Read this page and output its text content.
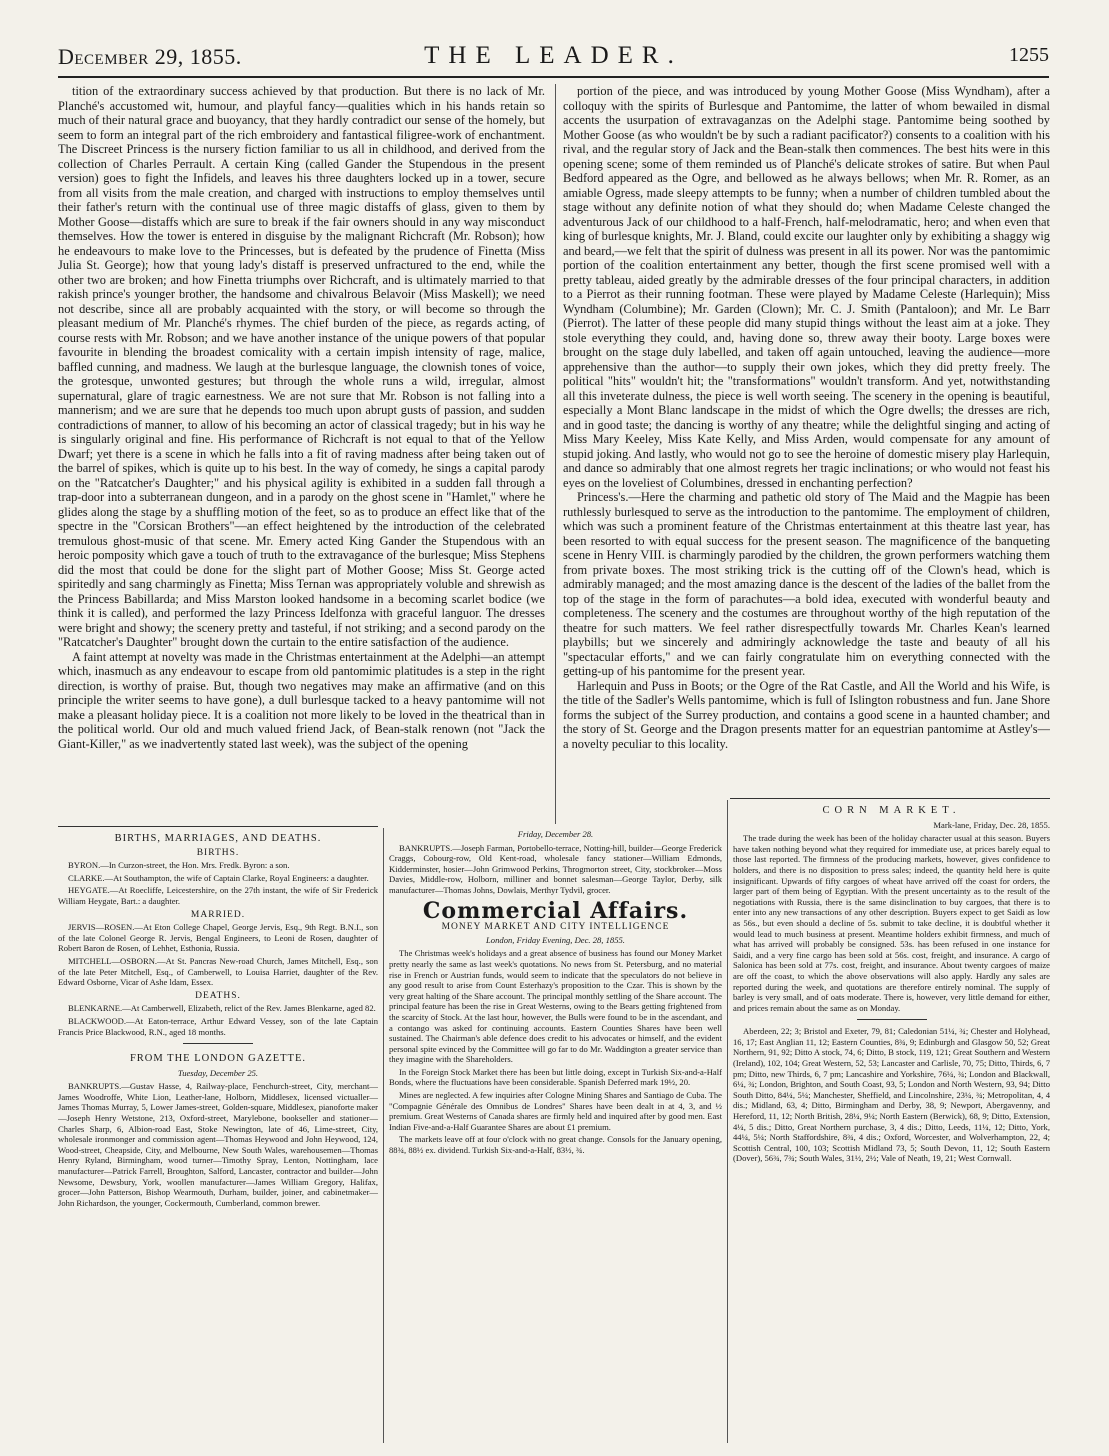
December 29, 1855.	THE LEADER.	1255

tition of the extraordinary success achieved by that production. But there is no lack of Mr. Planché's accustomed wit, humour, and playful fancy—qualities which in his hands retain so much of their natural grace and buoyancy, that they hardly contradict our sense of the homely, but seem to form an integral part of the rich embroidery and fantastical filigree-work of enchantment. The Discreet Princess is the nursery fiction familiar to us all in childhood, and derived from the collection of Charles Perrault. A certain King (called Gander the Stupendous in the present version) goes to fight the Infidels, and leaves his three daughters locked up in a tower, secure from all visits from the male creation, and charged with instructions to employ themselves until their father's return with the continual use of three magic distaffs of glass, given to them by Mother Goose—distaffs which are sure to break if the fair owners should in any way misconduct themselves. How the tower is entered in disguise by the malignant Richcraft (Mr. Robson); how he endeavours to make love to the Princesses, but is defeated by the prudence of Finetta (Miss Julia St. George); how that young lady's distaff is preserved unfractured to the end, while the other two are broken; and how Finetta triumphs over Richcraft, and is ultimately married to that rakish prince's younger brother, the handsome and chivalrous Belavoir (Miss Maskell); we need not describe, since all are probably acquainted with the story, or will become so through the pleasant medium of Mr. Planché's rhymes. The chief burden of the piece, as regards acting, of course rests with Mr. Robson; and we have another instance of the unique powers of that popular favourite in blending the broadest comicality with a certain impish intensity of rage, malice, baffled cunning, and madness. We laugh at the burlesque language, the clownish tones of voice, the grotesque, unwonted gestures; but through the whole runs a wild, irregular, almost supernatural, glare of tragic earnestness. We are not sure that Mr. Robson is not falling into a mannerism; and we are sure that he depends too much upon abrupt gusts of passion, and sudden contradictions of manner, to allow of his becoming an actor of classical tragedy; but in his way he is singularly original and fine. His performance of Richcraft is not equal to that of the Yellow Dwarf; yet there is a scene in which he falls into a fit of raving madness after being taken out of the barrel of spikes, which is quite up to his best. In the way of comedy, he sings a capital parody on the "Ratcatcher's Daughter;" and his physical agility is exhibited in a sudden fall through a trap-door into a subterranean dungeon, and in a parody on the ghost scene in "Hamlet," where he glides along the stage by a shuffling motion of the feet, so as to produce an effect like that of the spectre in the "Corsican Brothers"—an effect heightened by the introduction of the celebrated tremulous ghost-music of that scene. Mr. Emery acted King Gander the Stupendous with an heroic pomposity which gave a touch of truth to the extravagance of the burlesque; Miss Stephens did the most that could be done for the slight part of Mother Goose; Miss St. George acted spiritedly and sang charmingly as Finetta; Miss Ternan was appropriately voluble and shrewish as the Princess Babillarda; and Miss Marston looked handsome in a becoming scarlet bodice (we think it is called), and performed the lazy Princess Idelfonza with graceful languor. The dresses were bright and showy; the scenery pretty and tasteful, if not striking; and a second parody on the "Ratcatcher's Daughter" brought down the curtain to the entire satisfaction of the audience.

A faint attempt at novelty was made in the Christmas entertainment at the Adelphi—an attempt which, inasmuch as any endeavour to escape from old pantomimic platitudes is a step in the right direction, is worthy of praise. But, though two negatives may make an affirmative (and on this principle the writer seems to have gone), a dull burlesque tacked to a heavy pantomime will not make a pleasant holiday piece. It is a coalition not more likely to be loved in the theatrical than in the political world. Our old and much valued friend Jack, of Bean-stalk renown (not "Jack the Giant-Killer," as we inadvertently stated last week), was the subject of the opening

portion of the piece, and was introduced by young Mother Goose (Miss Wyndham), after a colloquy with the spirits of Burlesque and Pantomime, the latter of whom bewailed in dismal accents the usurpation of extravaganzas on the Adelphi stage. Pantomime being soothed by Mother Goose (as who wouldn't be by such a radiant pacificator?) consents to a coalition with his rival, and the regular story of Jack and the Bean-stalk then commences. The best hits were in this opening scene; some of them reminded us of Planché's delicate strokes of satire. But when Paul Bedford appeared as the Ogre, and bellowed as he always bellows; when Mr. R. Romer, as an amiable Ogress, made sleepy attempts to be funny; when a number of children tumbled about the stage without any definite notion of what they should do; when Madame Celeste changed the adventurous Jack of our childhood to a half-French, half-melodramatic, hero; and when even that king of burlesque knights, Mr. J. Bland, could excite our laughter only by exhibiting a shaggy wig and beard,—we felt that the spirit of dulness was present in all its power. Nor was the pantomimic portion of the coalition entertainment any better, though the first scene promised well with a pretty tableau, aided greatly by the admirable dresses of the four principal characters, in addition to a Pierrot as their running footman. These were played by Madame Celeste (Harlequin); Miss Wyndham (Columbine); Mr. Garden (Clown); Mr. C. J. Smith (Pantaloon); and Mr. Le Barr (Pierrot). The latter of these people did many stupid things without the least aim at a joke. They stole everything they could, and, having done so, threw away their booty. Large boxes were brought on the stage duly labelled, and taken off again untouched, leaving the audience—more apprehensive than the author—to supply their own jokes, which they did pretty freely. The political "hits" wouldn't hit; the "transformations" wouldn't transform. And yet, notwithstanding all this inveterate dulness, the piece is well worth seeing. The scenery in the opening is beautiful, especially a Mont Blanc landscape in the midst of which the Ogre dwells; the dresses are rich, and in good taste; the dancing is worthy of any theatre; while the delightful singing and acting of Miss Mary Keeley, Miss Kate Kelly, and Miss Arden, would compensate for any amount of stupid joking. And lastly, who would not go to see the heroine of domestic misery play Harlequin, and dance so admirably that one almost regrets her tragic inclinations; or who would not feast his eyes on the loveliest of Columbines, dressed in enchanting perfection?

Princess's.—Here the charming and pathetic old story of The Maid and the Magpie has been ruthlessly burlesqued to serve as the introduction to the pantomime. The employment of children, which was such a prominent feature of the Christmas entertainment at this theatre last year, has been resorted to with equal success for the present season. The magnificence of the banqueting scene in Henry VIII. is charmingly parodied by the children, the grown performers watching them from private boxes. The most striking trick is the cutting off of the Clown's head, which is admirably managed; and the most amazing dance is the descent of the ladies of the ballet from the top of the stage in the form of parachutes—a bold idea, executed with wonderful beauty and completeness. The scenery and the costumes are throughout worthy of the high reputation of the theatre for such matters. We feel rather disrespectfully towards Mr. Charles Kean's learned playbills; but we sincerely and admiringly acknowledge the taste and beauty of all his "spectacular efforts," and we can fairly congratulate him on everything connected with the getting-up of his pantomime for the present year.

Harlequin and Puss in Boots; or the Ogre of the Rat Castle, and All the World and his Wife, is the title of the Sadler's Wells pantomime, which is full of Islington robustness and fun. Jane Shore forms the subject of the Surrey production, and contains a good scene in a haunted chamber; and the story of St. George and the Dragon presents matter for an equestrian pantomime at Astley's—a novelty peculiar to this locality.

BIRTHS, MARRIAGES, AND DEATHS.
BIRTHS.

BYRON.—In Curzon-street, the Hon. Mrs. Fredk. Byron: a son.

CLARKE.—At Southampton, the wife of Captain Clarke, Royal Engineers: a daughter.

HEYGATE.—At Roecliffe, Leicestershire, on the 27th instant, the wife of Sir Frederick William Heygate, Bart.: a daughter.

MARRIED.

JERVIS—ROSEN.—At Eton College Chapel, George Jervis, Esq., 9th Regt. B.N.I., son of the late Colonel George R. Jervis, Bengal Engineers, to Leoni de Rosen, daughter of Robert Baron de Rosen, of Lehhet, Esthonia, Russia.

MITCHELL—OSBORN.—At St. Pancras New-road Church, James Mitchell, Esq., son of the late Peter Mitchell, Esq., of Camberwell, to Louisa Harriet, daughter of the Rev. Edward Osborne, Vicar of Ashe ldam, Essex.

DEATHS.

BLENKARNE.—At Camberwell, Elizabeth, relict of the Rev. James Blenkarne, aged 82.

BLACKWOOD.—At Eaton-terrace, Arthur Edward Vessey, son of the late Captain Francis Price Blackwood, R.N., aged 18 months.

FROM THE LONDON GAZETTE.
Tuesday, December 25.

BANKRUPTS.—Gustav Hasse, 4, Railway-place, Fenchurch-street, City, merchant—James Woodroffe, White Lion, Leather-lane, Holborn, Middlesex, licensed victualler—James Thomas Murray, 5, Lower James-street, Golden-square, Middlesex, pianoforte maker—Joseph Henry Wetstone, 213, Oxford-street, Marylebone, bookseller and stationer—Charles Sharp, 6, Albion-road East, Stoke Newington, late of 46, Lime-street, City, wholesale ironmonger and commission agent—Thomas Heywood and John Heywood, 124, Wood-street, Cheapside, City, and Melbourne, New South Wales, warehousemen—Thomas Henry Ryland, Birmingham, wood turner—Timothy Spray, Lenton, Nottingham, lace manufacturer—Patrick Farrell, Broughton, Salford, Lancaster, contractor and builder—John Newsome, Dewsbury, York, woollen manufacturer—James William Gregory, Halifax, grocer—John Patterson, Bishop Wearmouth, Durham, builder, joiner, and cabinetmaker—John Richardson, the younger, Cockermouth, Cumberland, common brewer.

Friday, December 28.

BANKRUPTS.—Joseph Farman, Portobello-terrace, Notting-hill, builder—George Frederick Craggs, Cobourg-row, Old Kent-road, wholesale fancy stationer—William Edmonds, Kidderminster, hosier—John Grimwood Perkins, Throgmorton street, City, stockbroker—Moss Davies, Middle-row, Holborn, milliner and bonnet salesman—George Taylor, Derby, silk manufacturer—Thomas Johns, Dowlais, Merthyr Tydvil, grocer.

Commercial Affairs.
MONEY MARKET AND CITY INTELLIGENCE
London, Friday Evening, Dec. 28, 1855.

The Christmas week's holidays and a great absence of business has found our Money Market pretty nearly the same as last week's quotations. No news from St. Petersburg, and no material rise in French or Austrian funds, would seem to indicate that the speculators do not believe in any good result to arise from Count Esterhazy's proposition to the Czar. This is shown by the very great halting of the Share account. The principal monthly settling of the Share account. The principal feature has been the rise in Great Westerns, owing to the Bears getting frightened from the scarcity of Stock. At the last hour, however, the Bulls were found to be in the ascendant, and a contango was asked for continuing accounts. Eastern Counties Shares have been well sustained. The Chairman's able defence does credit to his advocates or himself, and the evident personal spite evinced by the Committee will go far to do Mr. Waddington a greater service than they imagine with the Shareholders.

In the Foreign Stock Market there has been but little doing, except in Turkish Six-and-a-Half Bonds, where the fluctuations have been considerable. Spanish Deferred mark 19½, 20.

Mines are neglected. A few inquiries after Cologne Mining Shares and Santiago de Cuba. The "Compagnie Générale des Omnibus de Londres" Shares have been dealt in at 4, 3, and ½ premium. Great Westerns of Canada shares are firmly held and inquired after by good men. East Indian Five-and-a-Half Guarantee Shares are about £1 premium.

The markets leave off at four o'clock with no great change. Consols for the January opening, 88¾, 88½ ex. dividend. Turkish Six-and-a-Half, 83½, ¾.

CORN MARKET.
Mark-lane, Friday, Dec. 28, 1855.

The trade during the week has been of the holiday character usual at this season. Buyers have taken nothing beyond what they required for immediate use, at prices barely equal to those last reported. The firmness of the producing markets, however, gives confidence to holders, and there is no disposition to press sales; indeed, the quantity held here is quite insignificant. Upwards of fifty cargoes of wheat have arrived off the coast for orders, the larger part of them being of Egyptian. With the present uncertainty as to the result of the negotiations with Russia, there is the same disinclination to buy cargoes, that there is to enter into any new transactions of any other description. Buyers expect to get Saidi as low as 56s., but even should a decline of 5s. submit to take decline, it is doubtful whether it would lead to much business at present. Meantime holders exhibit firmness, and much of what has arrived will probably be consigned. 53s. has been refused in one instance for Saidi, and a very fine cargo has been sold at 56s. cost, freight, and insurance. A cargo of Salonica has been sold at 77s. cost, freight, and insurance. About twenty cargoes of maize are off the coast, to which the above observations will also apply. Hardly any sales are reported during the week, and quotations are therefore entirely nominal. The supply of barley is very small, and of oats moderate. There is, however, very little demand for either, and prices remain about the same as on Monday.

Aberdeen, 22; 3; Bristol and Exeter, 79, 81; Caledonian 51¼, ¾; Chester and Holyhead, 16, 17; East Anglian 11, 12; Eastern Counties, 8¾, 9; Edinburgh and Glasgow 50, 52; Great Northern, 91, 92; Ditto A stock, 74, 6; Ditto, B stock, 119, 121; Great Southern and Western (Ireland), 102, 104; Great Western, 52, 53; Lancaster and Carlisle, 70, 75; Ditto, Thirds, 6, 7 pm; Ditto, new Thirds, 6, 7 pm; Lancashire and Yorkshire, 76¼, ¾; London and Blackwall, 6¼, ¾; London, Brighton, and South Coast, 93, 5; London and North Western, 93, 94; Ditto South Ditto, 84¼, 5¼; Manchester, Sheffield, and Lincolnshire, 23¼, ¾; Metropolitan, 4, 4 dis.; Midland, 63, 4; Ditto, Birmingham and Derby, 38, 9; Newport, Abergavenny, and Hereford, 11, 12; North British, 28¼, 9¼; North Eastern (Berwick), 68, 9; Ditto, Extension, 4¼, 5 dis.; Ditto, Great Northern purchase, 3, 4 dis.; Ditto, Leeds, 11¼, 12; Ditto, York, 44¼, 5¼; North Staffordshire, 8¾, 4 dis.; Oxford, Worcester, and Wolverhampton, 22, 4; Scottish Central, 100, 103; Scottish Midland 73, 5; South Devon, 11, 12; South Eastern (Dover), 56¾, 7¾; South Wales, 31½, 2½; Vale of Neath, 19, 21; West Cornwall.
